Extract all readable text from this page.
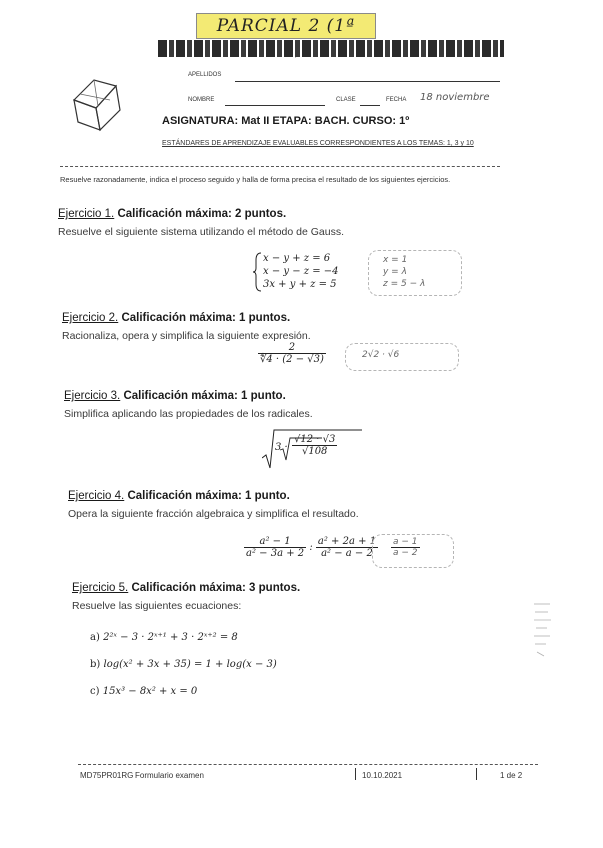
PARCIAL 2 (1ª
APELLIDOS
NOMBRE	CLASE	FECHA 18 noviembre
ASIGNATURA: Mat II ETAPA: BACH. CURSO: 1º
ESTÁNDARES DE APRENDIZAJE EVALUABLES CORRESPONDIENTES A LOS TEMAS: 1, 3 y 10
Resuelve razonadamente, indica el proceso seguido y halla de forma precisa el resultado de los siguientes ejercicios.
Ejercicio 1. Calificación máxima: 2 puntos.
Resuelve el siguiente sistema utilizando el método de Gauss.
x − y + z = 6
x − y − z = −4
3x + y + z = 5
x = 1
y = λ
z = 5 − λ
Ejercicio 2. Calificación máxima: 1 puntos.
Racionaliza, opera y simplifica la siguiente expresión.
$\frac{2}{∜4 \cdot (2 - √3)}$	2√2 · √6
Ejercicio 3. Calificación máxima: 1 punto.
Simplifica aplicando las propiedades de los radicales.
$3 \cdot \frac{√12 \cdot √3}{√108}$
Ejercicio 4. Calificación máxima: 1 punto.
Opera la siguiente fracción algebraica y simplifica el resultado.
$\frac{\text{a² − 1}}{\text{a² − 3a + 2}}$ : $\frac{\text{a² + 2a + 1}}{\text{a² − a − 2}} \frac{a - 1}{a - 2}$
Ejercicio 5. Calificación máxima: 3 puntos.
Resuelve las siguientes ecuaciones:
a) 2²ˣ − 3 · 2ˣ⁺¹ + 3 · 2ˣ⁺² = 8
b) log(x² + 3x + 35) = 1 + log(x − 3)
c) 15x³ − 8x² + x = 0
MD75PR01RG Formulario examen	10.10.2021	1 de 2
